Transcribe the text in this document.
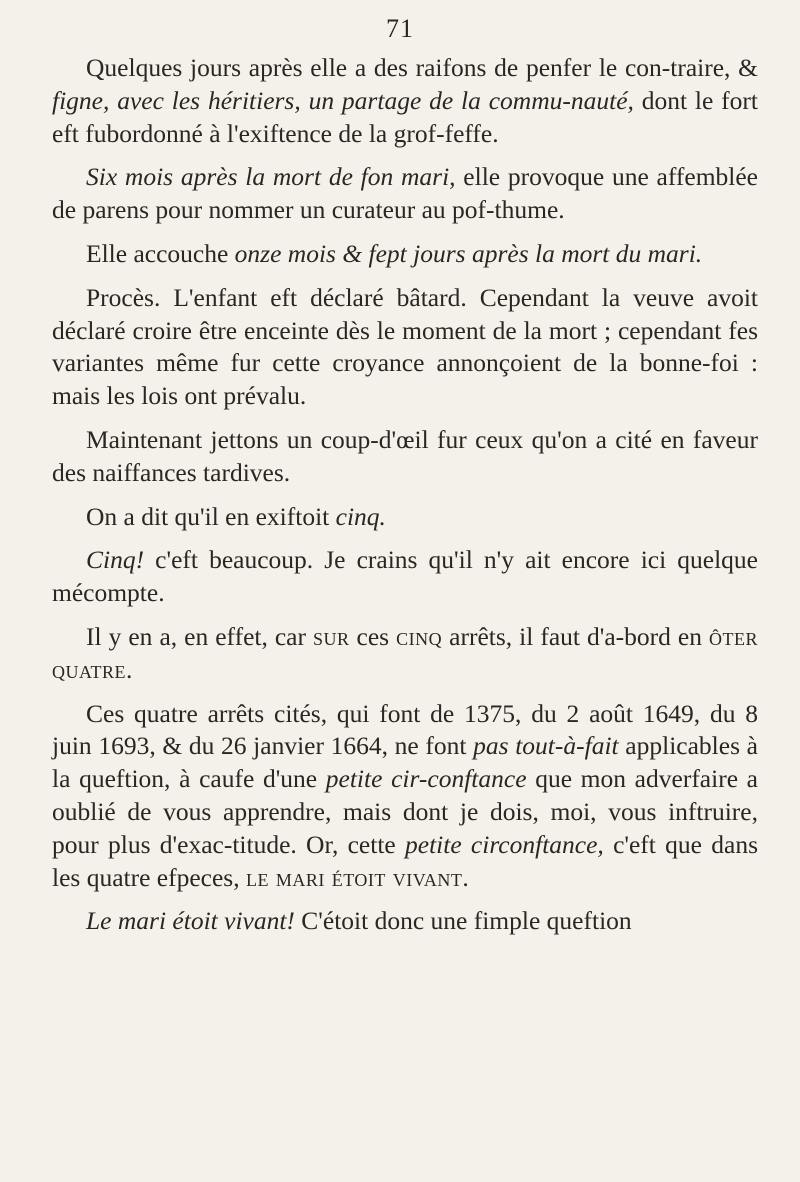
71

Quelques jours après elle a des raifons de penfer le con-traire, & figne, avec les héritiers, un partage de la commu-nauté, dont le fort eft fubordonné à l'exiftence de la grof-feffe.

Six mois après la mort de fon mari, elle provoque une affemblée de parens pour nommer un curateur au pof-thume.

Elle accouche onze mois & fept jours après la mort du mari.

Procès. L'enfant eft déclaré bâtard. Cependant la veuve avoit déclaré croire être enceinte dès le moment de la mort ; cependant fes variantes même fur cette croyance annonçoient de la bonne-foi : mais les lois ont prévalu.

Maintenant jettons un coup-d'œil fur ceux qu'on a cité en faveur des naiffances tardives.

On a dit qu'il en exiftoit cinq.

Cinq! c'eft beaucoup. Je crains qu'il n'y ait encore ici quelque mécompte.

Il y en a, en effet, car sur ces cinq arrêts, il faut d'a-bord en ôter quatre.

Ces quatre arrêts cités, qui font de 1375, du 2 août 1649, du 8 juin 1693, & du 26 janvier 1664, ne font pas tout-à-fait applicables à la queftion, à caufe d'une petite cir-conftance que mon adverfaire a oublié de vous apprendre, mais dont je dois, moi, vous inftruire, pour plus d'exac-titude. Or, cette petite circonftance, c'eft que dans les quatre efpeces, le mari étoit vivant.

Le mari étoit vivant! C'étoit donc une fimple queftion
